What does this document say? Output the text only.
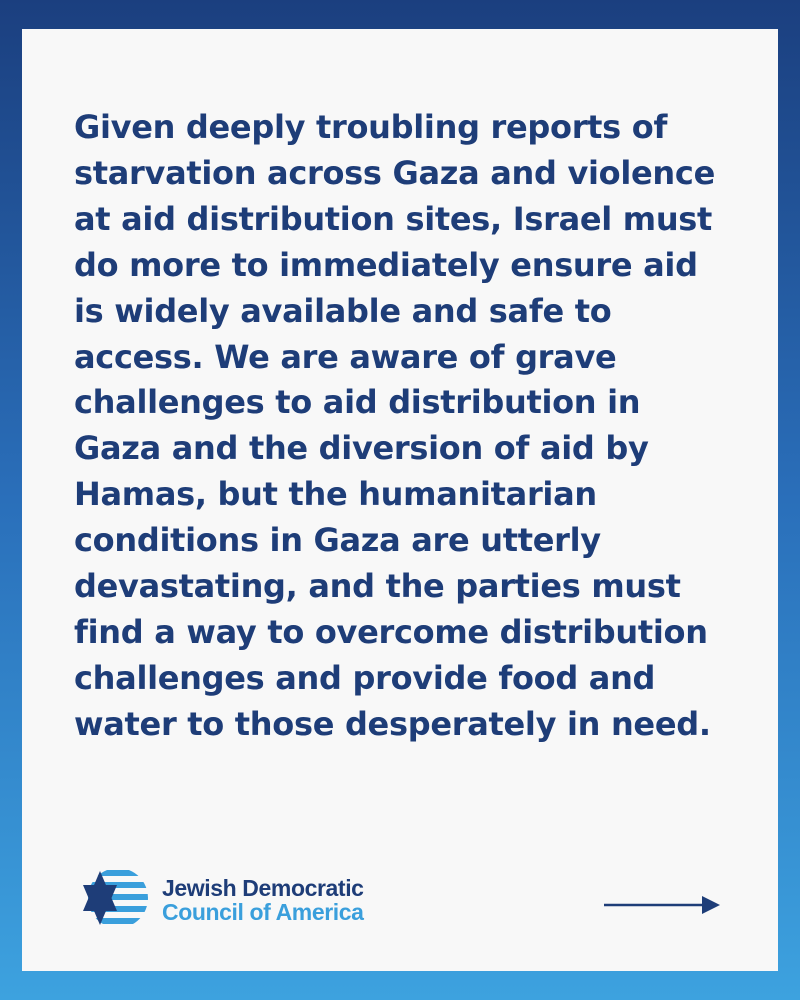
Given deeply troubling reports of
starvation across Gaza and violence
at aid distribution sites, Israel must
do more to immediately ensure aid
is widely available and safe to
access. We are aware of grave
challenges to aid distribution in
Gaza and the diversion of aid by
Hamas, but the humanitarian
conditions in Gaza are utterly
devastating, and the parties must
find a way to overcome distribution
challenges and provide food and
water to those desperately in need.

Jewish Democratic
Council of America
